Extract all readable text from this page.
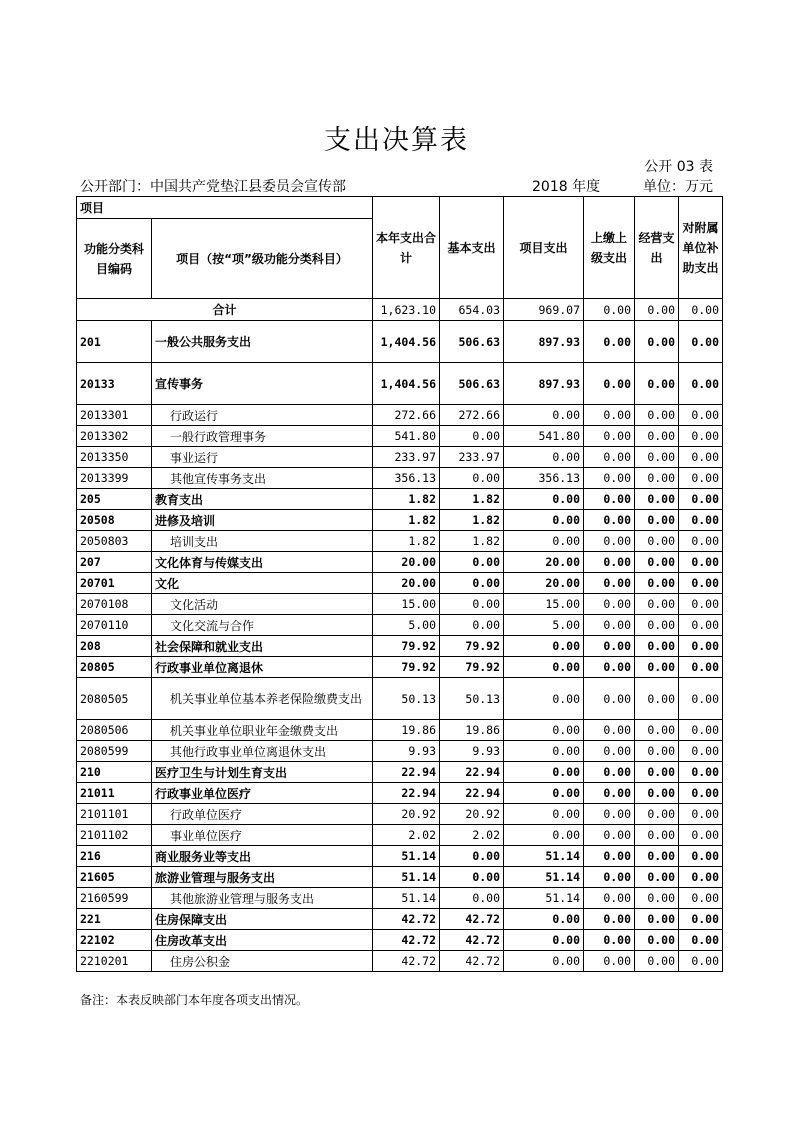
支出决算表
公开 03 表
公开部门：中国共产党垫江县委员会宣传部	2018 年度	单位：万元
项目		本年支出合计	基本支出	项目支出	上缴上级支出	经营支出	对附属单位补助支出
功能分类科目编码	项目（按“项”级功能分类科目）						
合计		1,623.10	654.03	969.07	0.00	0.00	0.00
201	一般公共服务支出	1,404.56	506.63	897.93	0.00	0.00	0.00
20133	宣传事务	1,404.56	506.63	897.93	0.00	0.00	0.00
2013301	行政运行	272.66	272.66	0.00	0.00	0.00	0.00
2013302	一般行政管理事务	541.80	0.00	541.80	0.00	0.00	0.00
2013350	事业运行	233.97	233.97	0.00	0.00	0.00	0.00
2013399	其他宣传事务支出	356.13	0.00	356.13	0.00	0.00	0.00
205	教育支出	1.82	1.82	0.00	0.00	0.00	0.00
20508	进修及培训	1.82	1.82	0.00	0.00	0.00	0.00
2050803	培训支出	1.82	1.82	0.00	0.00	0.00	0.00
207	文化体育与传媒支出	20.00	0.00	20.00	0.00	0.00	0.00
20701	文化	20.00	0.00	20.00	0.00	0.00	0.00
2070108	文化活动	15.00	0.00	15.00	0.00	0.00	0.00
2070110	文化交流与合作	5.00	0.00	5.00	0.00	0.00	0.00
208	社会保障和就业支出	79.92	79.92	0.00	0.00	0.00	0.00
20805	行政事业单位离退休	79.92	79.92	0.00	0.00	0.00	0.00
2080505	机关事业单位基本养老保险缴费支出	50.13	50.13	0.00	0.00	0.00	0.00
2080506	机关事业单位职业年金缴费支出	19.86	19.86	0.00	0.00	0.00	0.00
2080599	其他行政事业单位离退休支出	9.93	9.93	0.00	0.00	0.00	0.00
210	医疗卫生与计划生育支出	22.94	22.94	0.00	0.00	0.00	0.00
21011	行政事业单位医疗	22.94	22.94	0.00	0.00	0.00	0.00
2101101	行政单位医疗	20.92	20.92	0.00	0.00	0.00	0.00
2101102	事业单位医疗	2.02	2.02	0.00	0.00	0.00	0.00
216	商业服务业等支出	51.14	0.00	51.14	0.00	0.00	0.00
21605	旅游业管理与服务支出	51.14	0.00	51.14	0.00	0.00	0.00
2160599	其他旅游业管理与服务支出	51.14	0.00	51.14	0.00	0.00	0.00
221	住房保障支出	42.72	42.72	0.00	0.00	0.00	0.00
22102	住房改革支出	42.72	42.72	0.00	0.00	0.00	0.00
2210201	住房公积金	42.72	42.72	0.00	0.00	0.00	0.00
备注：本表反映部门本年度各项支出情况。
